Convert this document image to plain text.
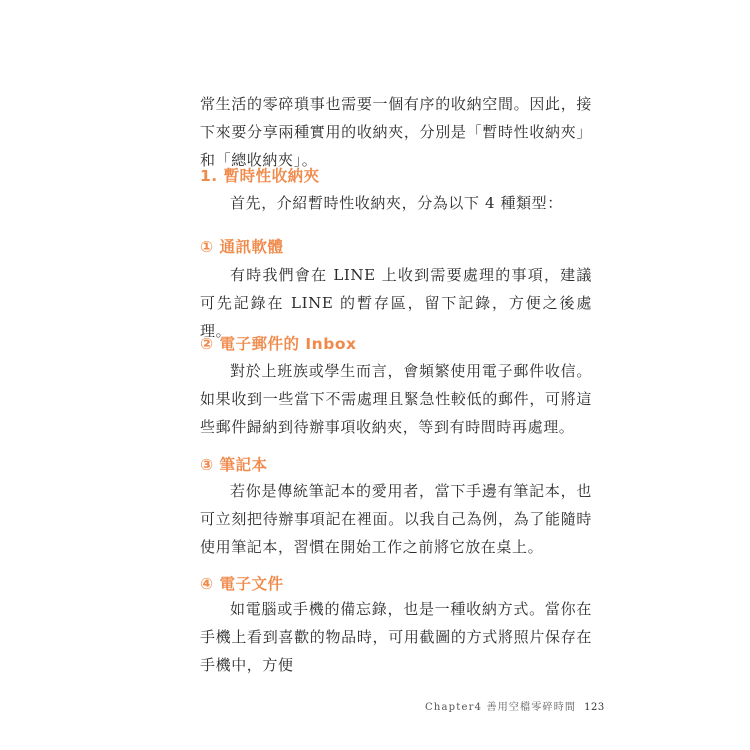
常生活的零碎瑣事也需要一個有序的收納空間。因此，接下來要分享兩種實用的收納夾，分別是「暫時性收納夾」和「總收納夾」。

1. 暫時性收納夾

首先，介紹暫時性收納夾，分為以下 4 種類型：

① 通訊軟體

有時我們會在 LINE 上收到需要處理的事項，建議可先記錄在 LINE 的暫存區，留下記錄，方便之後處理。

② 電子郵件的 Inbox

對於上班族或學生而言，會頻繁使用電子郵件收信。如果收到一些當下不需處理且緊急性較低的郵件，可將這些郵件歸納到待辦事項收納夾，等到有時間時再處理。

③ 筆記本

若你是傳統筆記本的愛用者，當下手邊有筆記本，也可立刻把待辦事項記在裡面。以我自己為例，為了能隨時使用筆記本，習慣在開始工作之前將它放在桌上。

④ 電子文件

如電腦或手機的備忘錄，也是一種收納方式。當你在手機上看到喜歡的物品時，可用截圖的方式將照片保存在手機中，方便

Chapter4 善用空檔零碎時間 123
